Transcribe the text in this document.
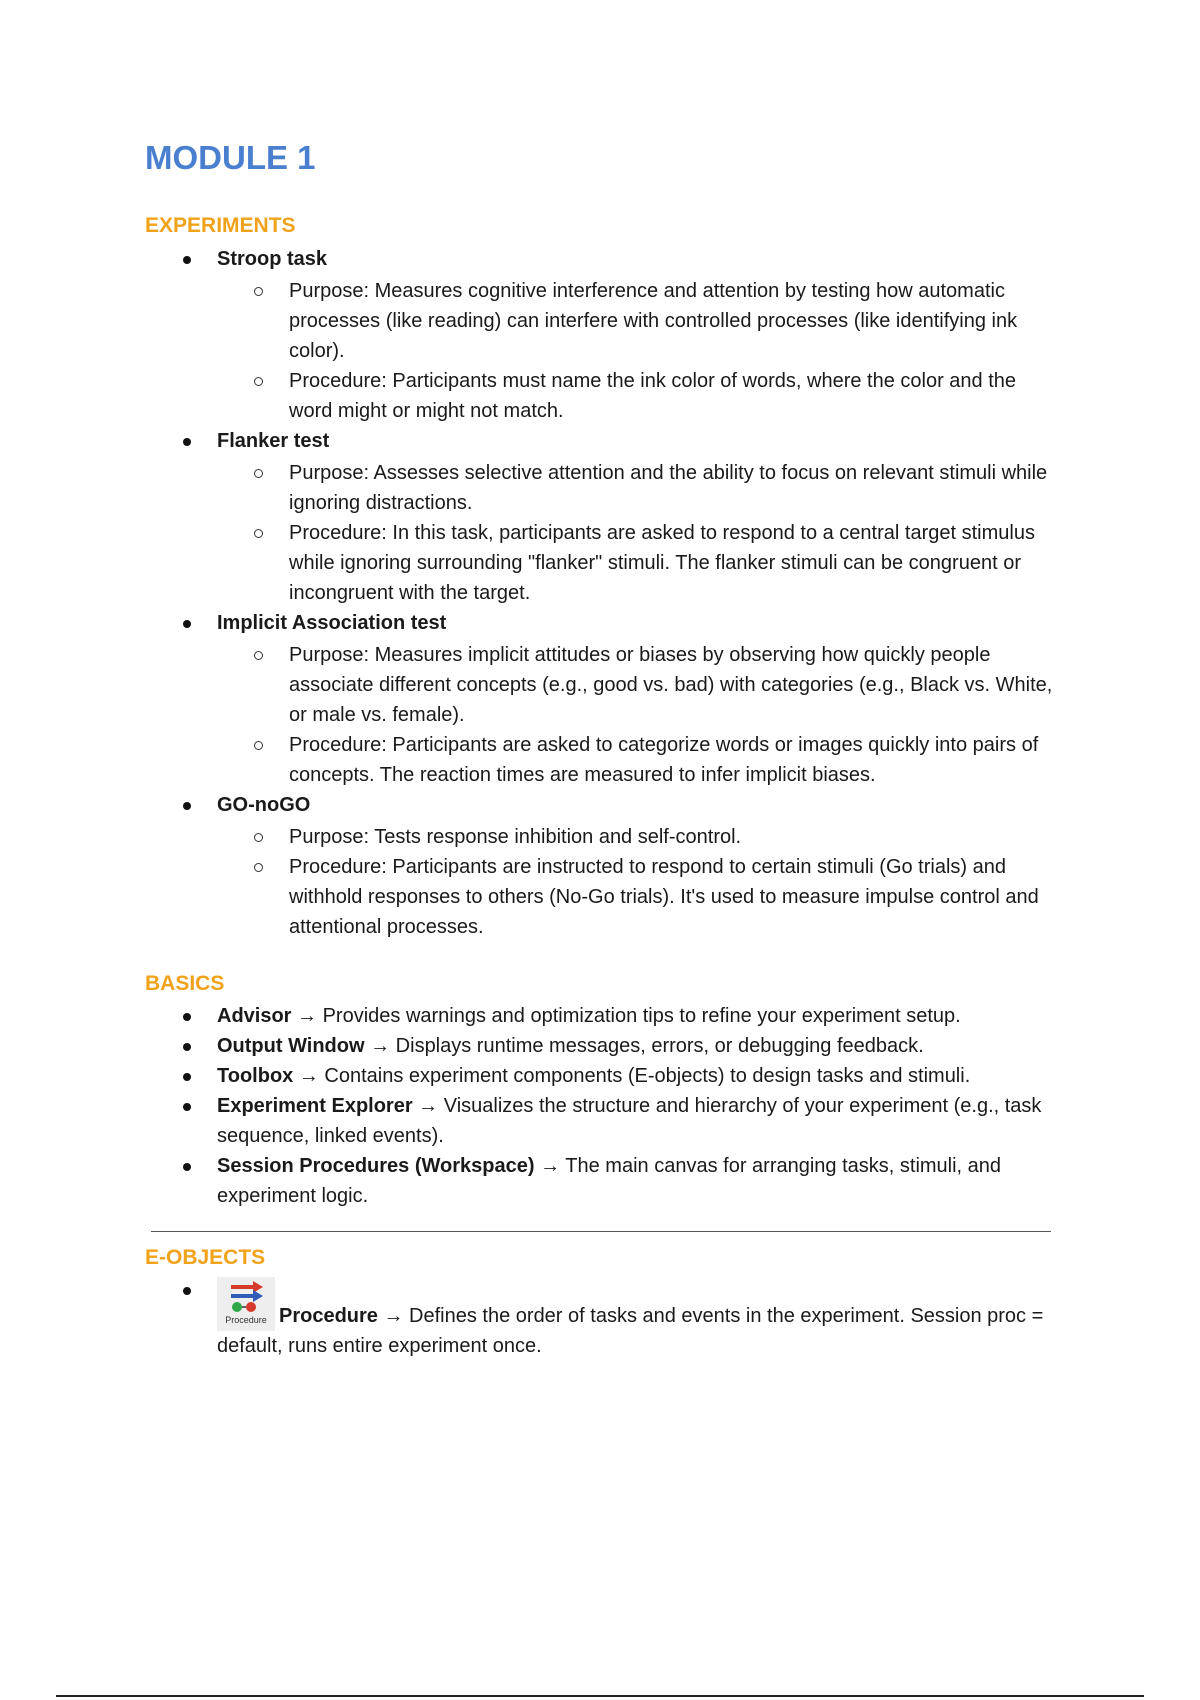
MODULE 1
EXPERIMENTS
Stroop task
Purpose: Measures cognitive interference and attention by testing how automatic processes (like reading) can interfere with controlled processes (like identifying ink color).
Procedure: Participants must name the ink color of words, where the color and the word might or might not match.
Flanker test
Purpose: Assesses selective attention and the ability to focus on relevant stimuli while ignoring distractions.
Procedure: In this task, participants are asked to respond to a central target stimulus while ignoring surrounding "flanker" stimuli. The flanker stimuli can be congruent or incongruent with the target.
Implicit Association test
Purpose: Measures implicit attitudes or biases by observing how quickly people associate different concepts (e.g., good vs. bad) with categories (e.g., Black vs. White, or male vs. female).
Procedure: Participants are asked to categorize words or images quickly into pairs of concepts. The reaction times are measured to infer implicit biases.
GO-noGO
Purpose: Tests response inhibition and self-control.
Procedure: Participants are instructed to respond to certain stimuli (Go trials) and withhold responses to others (No-Go trials). It's used to measure impulse control and attentional processes.
BASICS
Advisor → Provides warnings and optimization tips to refine your experiment setup.
Output Window → Displays runtime messages, errors, or debugging feedback.
Toolbox → Contains experiment components (E-objects) to design tasks and stimuli.
Experiment Explorer → Visualizes the structure and hierarchy of your experiment (e.g., task sequence, linked events).
Session Procedures (Workspace) → The main canvas for arranging tasks, stimuli, and experiment logic.
E-OBJECTS
Procedure Procedure → Defines the order of tasks and events in the experiment. Session proc = default, runs entire experiment once.
